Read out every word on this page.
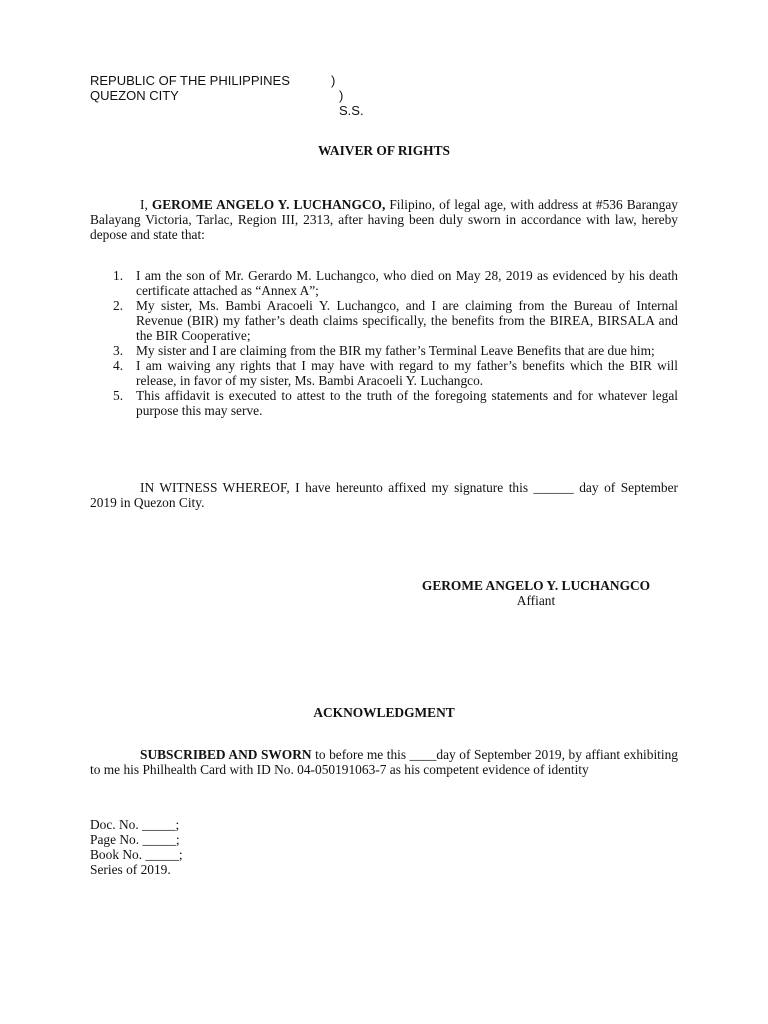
REPUBLIC OF THE PHILIPPINES	)
QUEZON CITY	) S.S.
WAIVER OF RIGHTS
I, GEROME ANGELO Y. LUCHANGCO, Filipino, of legal age, with address at #536 Barangay Balayang Victoria, Tarlac, Region III, 2313, after having been duly sworn in accordance with law, hereby depose and state that:
1. I am the son of Mr. Gerardo M. Luchangco, who died on May 28, 2019 as evidenced by his death certificate attached as “Annex A”;
2. My sister, Ms. Bambi Aracoeli Y. Luchangco, and I are claiming from the Bureau of Internal Revenue (BIR) my father’s death claims specifically, the benefits from the BIREA, BIRSALA and the BIR Cooperative;
3. My sister and I are claiming from the BIR my father’s Terminal Leave Benefits that are due him;
4. I am waiving any rights that I may have with regard to my father’s benefits which the BIR will release, in favor of my sister, Ms. Bambi Aracoeli Y. Luchangco.
5. This affidavit is executed to attest to the truth of the foregoing statements and for whatever legal purpose this may serve.
IN WITNESS WHEREOF, I have hereunto affixed my signature this ______ day of September 2019 in Quezon City.
GEROME ANGELO Y. LUCHANGCO
Affiant
ACKNOWLEDGMENT
SUBSCRIBED AND SWORN to before me this ____day of September 2019, by affiant exhibiting to me his Philhealth Card with ID No. 04-050191063-7 as his competent evidence of identity
Doc. No. _____;
Page No. _____;
Book No. _____;
Series of 2019.
